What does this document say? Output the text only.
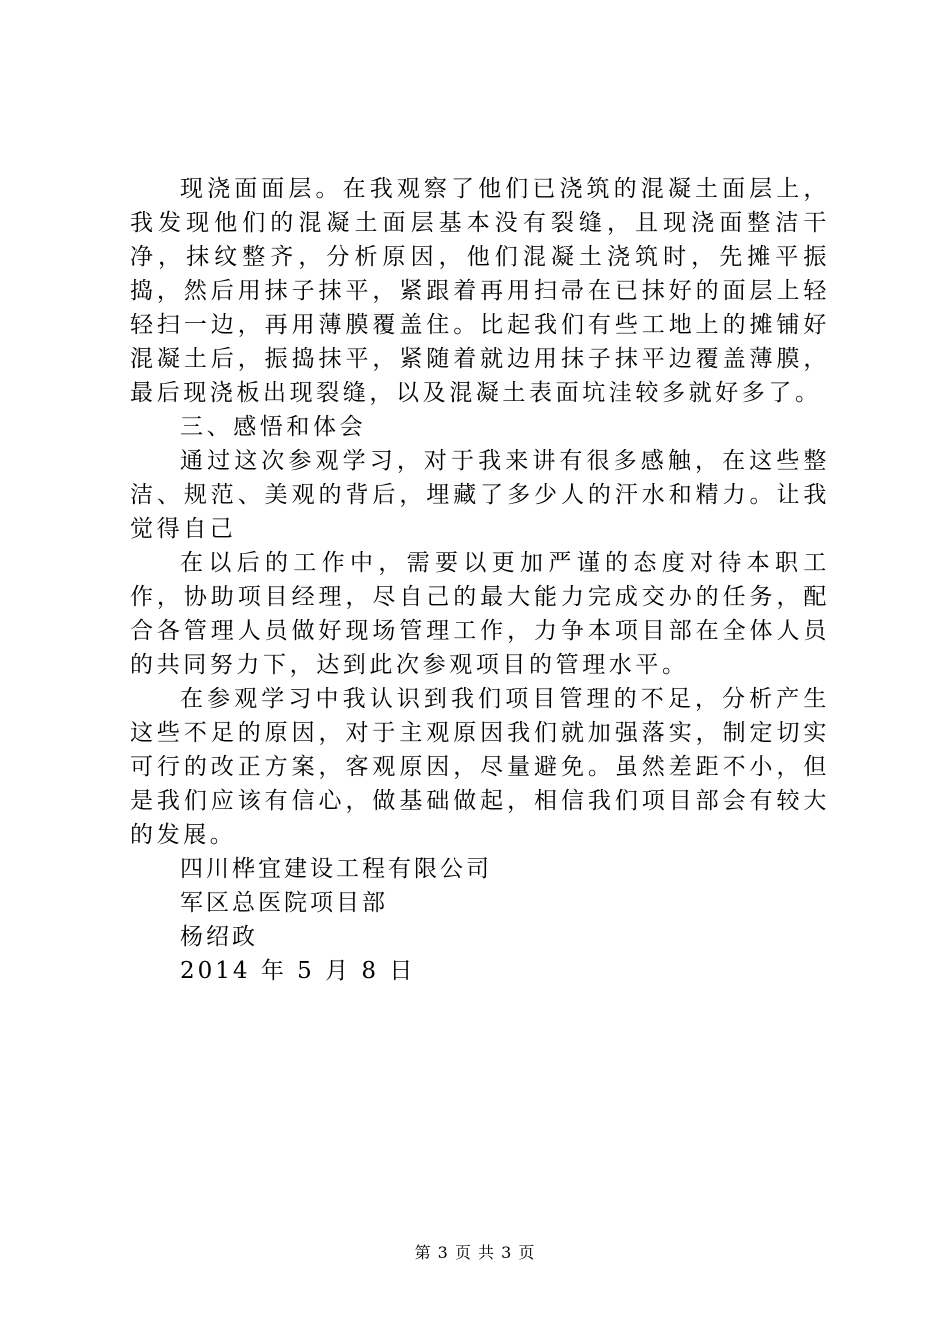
现浇面面层。在我观察了他们已浇筑的混凝土面层上，我发现他们的混凝土面层基本没有裂缝，且现浇面整洁干净，抹纹整齐，分析原因，他们混凝土浇筑时，先摊平振捣，然后用抹子抹平，紧跟着再用扫帚在已抹好的面层上轻轻扫一边，再用薄膜覆盖住。比起我们有些工地上的摊铺好混凝土后，振捣抹平，紧随着就边用抹子抹平边覆盖薄膜，最后现浇板出现裂缝，以及混凝土表面坑洼较多就好多了。

三、感悟和体会

通过这次参观学习，对于我来讲有很多感触，在这些整洁、规范、美观的背后，埋藏了多少人的汗水和精力。让我觉得自己

在以后的工作中，需要以更加严谨的态度对待本职工作，协助项目经理，尽自己的最大能力完成交办的任务，配合各管理人员做好现场管理工作，力争本项目部在全体人员的共同努力下，达到此次参观项目的管理水平。

在参观学习中我认识到我们项目管理的不足，分析产生这些不足的原因，对于主观原因我们就加强落实，制定切实可行的改正方案，客观原因，尽量避免。虽然差距不小，但是我们应该有信心，做基础做起，相信我们项目部会有较大的发展。

四川桦宜建设工程有限公司

军区总医院项目部

杨绍政

2014 年 5 月 8 日

第 3 页 共 3 页
